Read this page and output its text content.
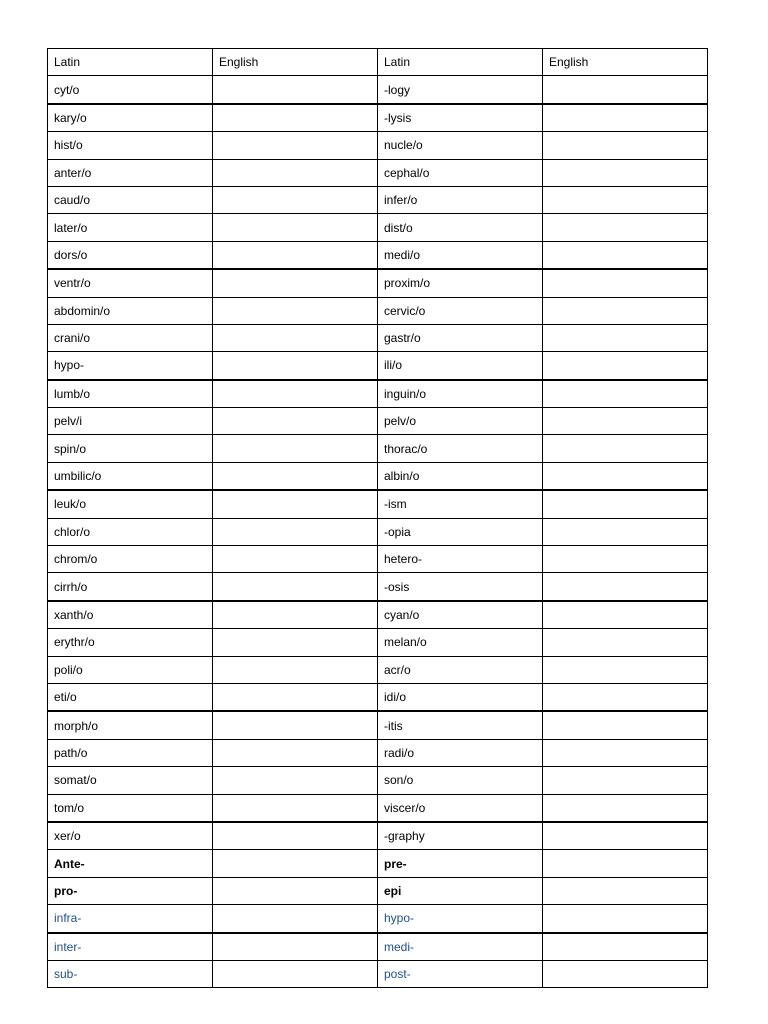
Latin	English	Latin	English
cyt/o		-logy	
kary/o		-lysis	
hist/o		nucle/o	
anter/o		cephal/o	
caud/o		infer/o	
later/o		dist/o	
dors/o		medi/o	
ventr/o		proxim/o	
abdomin/o		cervic/o	
crani/o		gastr/o	
hypo-		ili/o	
lumb/o		inguin/o	
pelv/i		pelv/o	
spin/o		thorac/o	
umbilic/o		albin/o	
leuk/o		-ism	
chlor/o		-opia	
chrom/o		hetero-	
cirrh/o		-osis	
xanth/o		cyan/o	
erythr/o		melan/o	
poli/o		acr/o	
eti/o		idi/o	
morph/o		-itis	
path/o		radi/o	
somat/o		son/o	
tom/o		viscer/o	
xer/o		-graphy	
Ante-		pre-	
pro-		epi	
infra-		hypo-	
inter-		medi-	
sub-		post-	
